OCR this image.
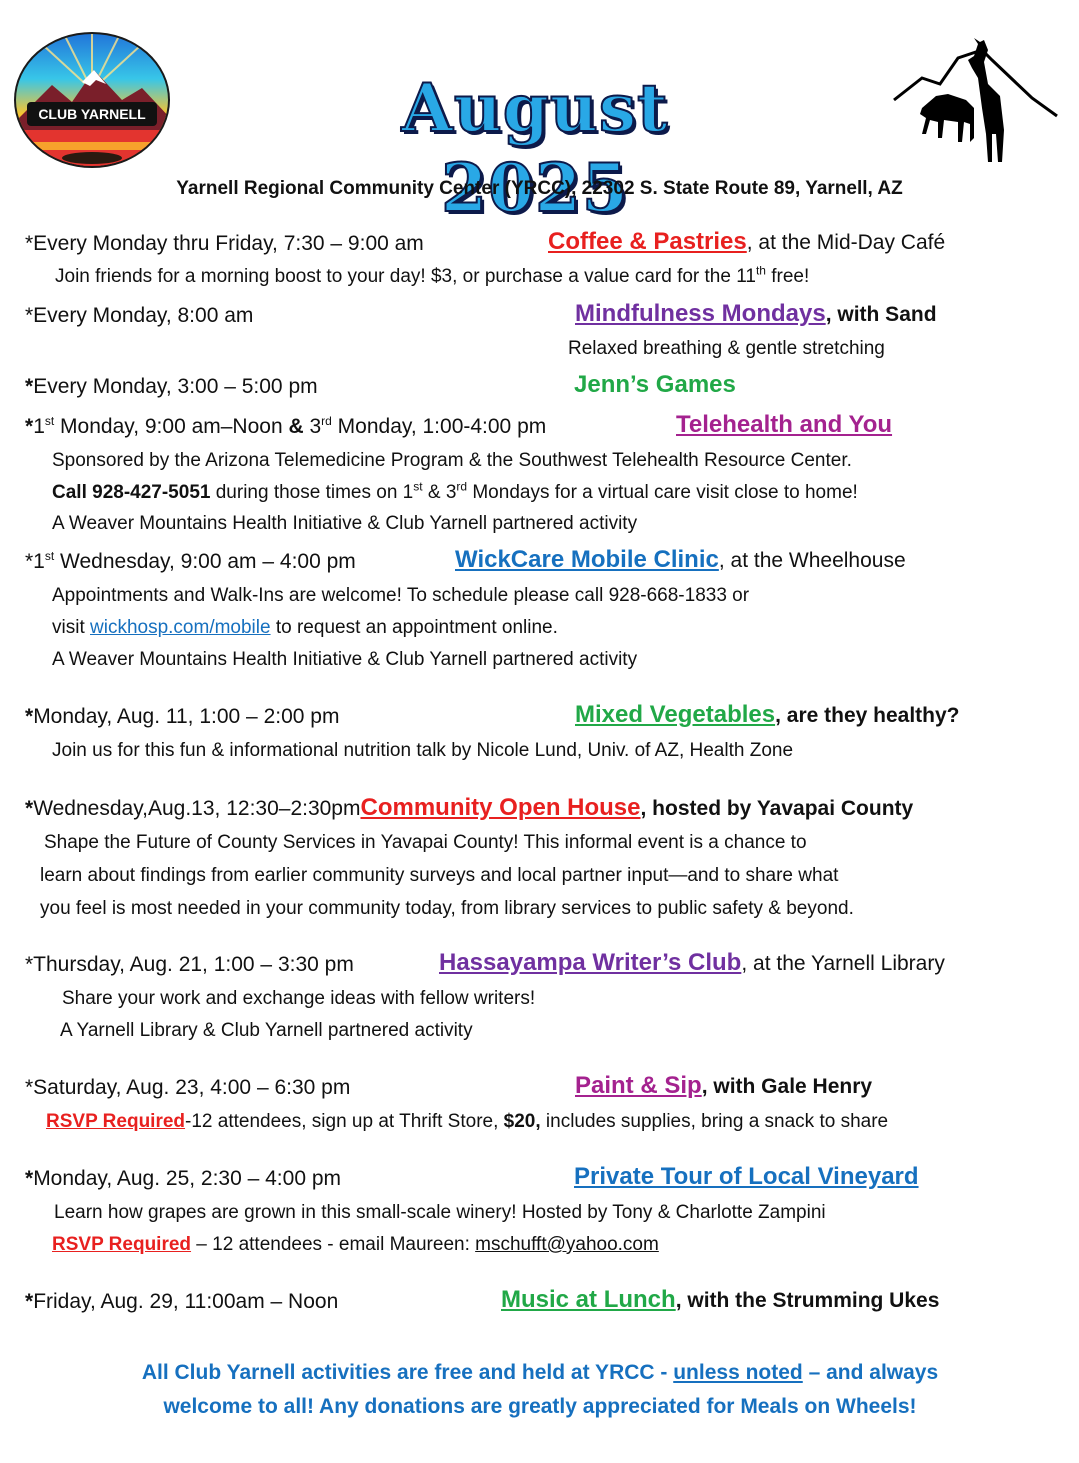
CLUB YARNELL	August 2025
Yarnell Regional Community Center (YRCC), 22302 S. State Route 89, Yarnell, AZ
*Every Monday thru Friday, 7:30 – 9:00 am	Coffee & Pastries, at the Mid-Day Café
Join friends for a morning boost to your day! $3, or purchase a value card for the 11th free!
*Every Monday, 8:00 am	Mindfulness Mondays, with Sand
Relaxed breathing & gentle stretching
*Every Monday, 3:00 – 5:00 pm	Jenn’s Games
*1st Monday, 9:00 am–Noon & 3rd Monday, 1:00-4:00 pm	Telehealth and You
Sponsored by the Arizona Telemedicine Program & the Southwest Telehealth Resource Center.
Call 928-427-5051 during those times on 1st & 3rd Mondays for a virtual care visit close to home!
A Weaver Mountains Health Initiative & Club Yarnell partnered activity
*1st Wednesday, 9:00 am – 4:00 pm	WickCare Mobile Clinic, at the Wheelhouse
Appointments and Walk-Ins are welcome! To schedule please call 928-668-1833 or
visit wickhosp.com/mobile to request an appointment online.
A Weaver Mountains Health Initiative & Club Yarnell partnered activity
*Monday, Aug. 11, 1:00 – 2:00 pm	Mixed Vegetables, are they healthy?
Join us for this fun & informational nutrition talk by Nicole Lund, Univ. of AZ, Health Zone
*Wednesday,Aug.13, 12:30–2:30pmCommunity Open House, hosted by Yavapai County
Shape the Future of County Services in Yavapai County! This informal event is a chance to
learn about findings from earlier community surveys and local partner input—and to share what
you feel is most needed in your community today, from library services to public safety & beyond.
*Thursday, Aug. 21, 1:00 – 3:30 pm	Hassayampa Writer’s Club, at the Yarnell Library
Share your work and exchange ideas with fellow writers!
A Yarnell Library & Club Yarnell partnered activity
*Saturday, Aug. 23, 4:00 – 6:30 pm	Paint & Sip, with Gale Henry
RSVP Required-12 attendees, sign up at Thrift Store, $20, includes supplies, bring a snack to share
*Monday, Aug. 25, 2:30 – 4:00 pm	Private Tour of Local Vineyard
Learn how grapes are grown in this small-scale winery! Hosted by Tony & Charlotte Zampini
RSVP Required – 12 attendees - email Maureen: mschufft@yahoo.com
*Friday, Aug. 29, 11:00am – Noon	Music at Lunch, with the Strumming Ukes
All Club Yarnell activities are free and held at YRCC - unless noted – and always
welcome to all! Any donations are greatly appreciated for Meals on Wheels!
